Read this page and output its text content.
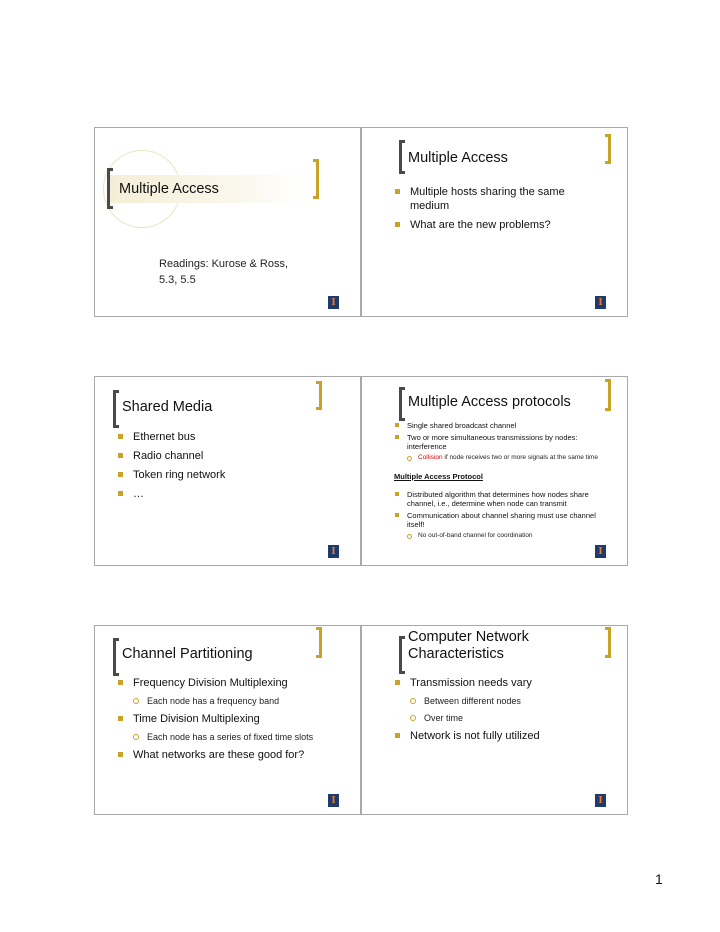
Multiple Access
Readings: Kurose & Ross,
5.3, 5.5
I
Multiple Access
Multiple hosts sharing the same
medium
What are the new problems?
I
Shared Media
Ethernet bus
Radio channel
Token ring network
…
I
Multiple Access protocols
Single shared broadcast channel
Two or more simultaneous transmissions by nodes:
interference
Collision if node receives two or more signals at the same time
Multiple Access Protocol
Distributed algorithm that determines how nodes share
channel, i.e., determine when node can transmit
Communication about channel sharing must use channel
itself!
No out-of-band channel for coordination
I
Channel Partitioning
Frequency Division Multiplexing
Each node has a frequency band
Time Division Multiplexing
Each node has a series of fixed time slots
What networks are these good for?
I
Computer Network
Characteristics
Transmission needs vary
Between different nodes
Over time
Network is not fully utilized
I
1
